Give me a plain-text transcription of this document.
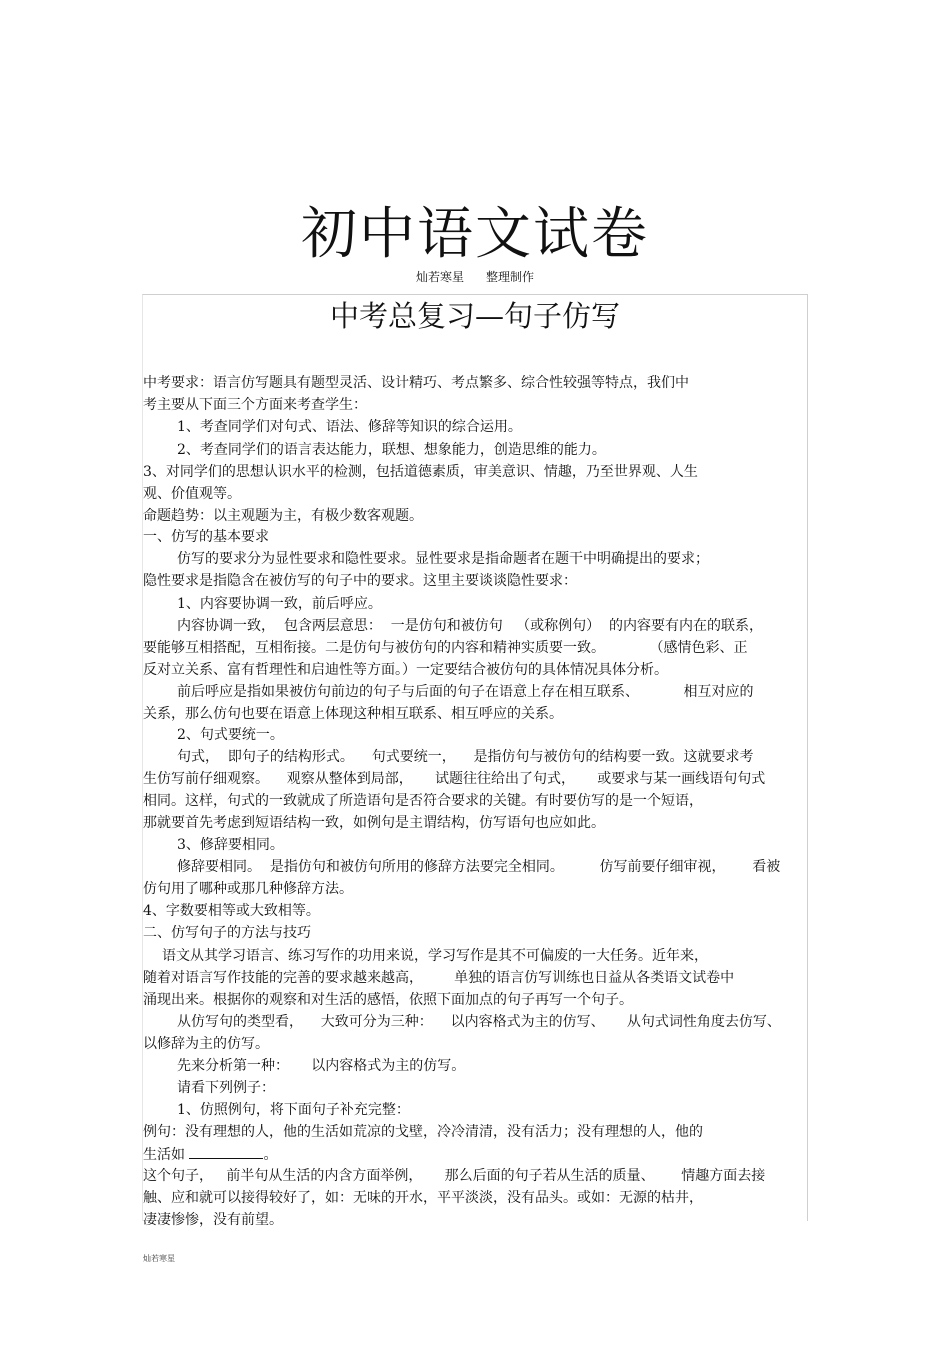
初中语文试卷
灿若寒星 整理制作
中考总复习—句子仿写
中考要求：语言仿写题具有题型灵活、设计精巧、考点繁多、综合性较强等特点，我们中
考主要从下面三个方面来考查学生：
1、考查同学们对句式、语法、修辞等知识的综合运用。
2、考查同学们的语言表达能力，联想、想象能力，创造思维的能力。
3、对同学们的思想认识水平的检测，包括道德素质，审美意识、情趣，乃至世界观、人生
观、价值观等。
命题趋势：以主观题为主，有极少数客观题。
一、仿写的基本要求
仿写的要求分为显性要求和隐性要求。显性要求是指命题者在题干中明确提出的要求；
隐性要求是指隐含在被仿写的句子中的要求。这里主要谈谈隐性要求：
1、内容要协调一致，前后呼应。
内容协调一致，  包含两层意思：  一是仿句和被仿句   （或称例句）  的内容要有内在的联系，
要能够互相搭配，互相衔接。二是仿句与被仿句的内容和精神实质要一致。          （感情色彩、正
反对立关系、富有哲理性和启迪性等方面。）一定要结合被仿句的具体情况具体分析。
前后呼应是指如果被仿句前边的句子与后面的句子在语意上存在相互联系、          相互对应的
关系，那么仿句也要在语意上体现这种相互联系、相互呼应的关系。
2、句式要统一。
句式，  即句子的结构形式。    句式要统一，    是指仿句与被仿句的结构要一致。这就要求考
生仿写前仔细观察。    观察从整体到局部，     试题往往给出了句式，     或要求与某一画线语句句式
相同。这样，句式的一致就成了所造语句是否符合要求的关键。有时要仿写的是一个短语，
那就要首先考虑到短语结构一致，如例句是主谓结构，仿写语句也应如此。
3、修辞要相同。
修辞要相同。  是指仿句和被仿句所用的修辞方法要完全相同。        仿写前要仔细审视，      看被
仿句用了哪种或那几种修辞方法。
4、字数要相等或大致相等。
二、仿写句子的方法与技巧
语文从其学习语言、练习写作的功用来说，学习写作是其不可偏废的一大任务。近年来，
随着对语言写作技能的完善的要求越来越高，       单独的语言仿写训练也日益从各类语文试卷中
涌现出来。根据你的观察和对生活的感悟，依照下面加点的句子再写一个句子。
从仿写句的类型看，    大致可分为三种：    以内容格式为主的仿写、     从句式词性角度去仿写、
以修辞为主的仿写。
先来分析第一种：     以内容格式为主的仿写。
请看下列例子：
1、仿照例句，将下面句子补充完整：
例句：没有理想的人，他的生活如荒凉的戈壁，冷冷清清，没有活力；没有理想的人，他的
生活如	。
这个句子，   前半句从生活的内含方面举例，     那么后面的句子若从生活的质量、      情趣方面去接
触、应和就可以接得较好了，如：无味的开水，平平淡淡，没有品头。或如：无源的枯井，
凄凄惨惨，没有前望。
灿若寒星
